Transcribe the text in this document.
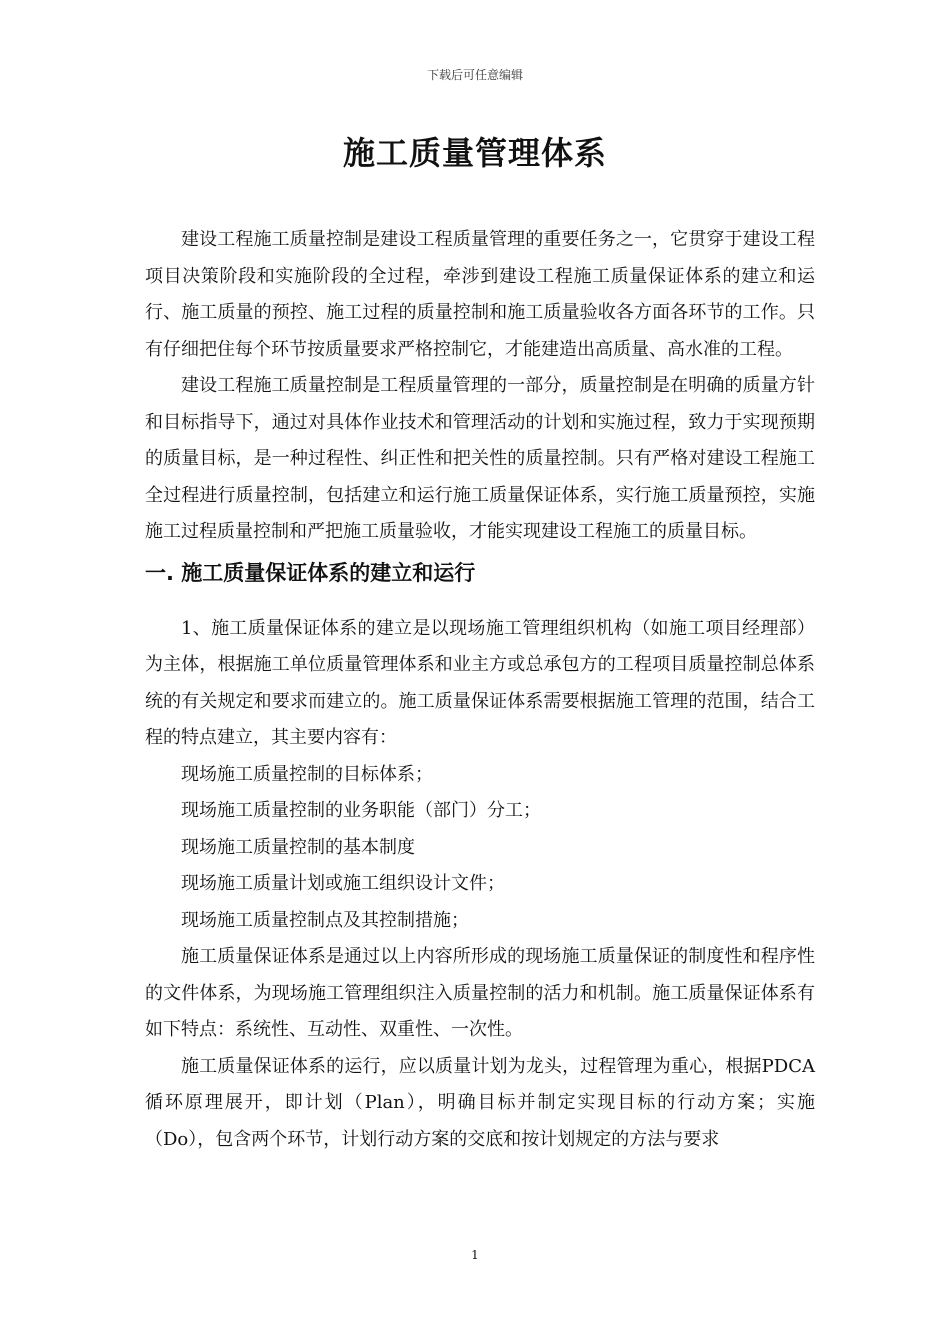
下载后可任意编辑
施工质量管理体系

建设工程施工质量控制是建设工程质量管理的重要任务之一，它贯穿于建设工程项目决策阶段和实施阶段的全过程，牵涉到建设工程施工质量保证体系的建立和运行、施工质量的预控、施工过程的质量控制和施工质量验收各方面各环节的工作。只有仔细把住每个环节按质量要求严格控制它，才能建造出高质量、高水准的工程。

建设工程施工质量控制是工程质量管理的一部分，质量控制是在明确的质量方针和目标指导下，通过对具体作业技术和管理活动的计划和实施过程，致力于实现预期的质量目标，是一种过程性、纠正性和把关性的质量控制。只有严格对建设工程施工全过程进行质量控制，包括建立和运行施工质量保证体系，实行施工质量预控，实施施工过程质量控制和严把施工质量验收，才能实现建设工程施工的质量目标。

一. 施工质量保证体系的建立和运行

1、施工质量保证体系的建立是以现场施工管理组织机构（如施工项目经理部）为主体，根据施工单位质量管理体系和业主方或总承包方的工程项目质量控制总体系统的有关规定和要求而建立的。施工质量保证体系需要根据施工管理的范围，结合工程的特点建立，其主要内容有：

现场施工质量控制的目标体系；
现场施工质量控制的业务职能（部门）分工；
现场施工质量控制的基本制度
现场施工质量计划或施工组织设计文件；
现场施工质量控制点及其控制措施；

施工质量保证体系是通过以上内容所形成的现场施工质量保证的制度性和程序性的文件体系，为现场施工管理组织注入质量控制的活力和机制。施工质量保证体系有如下特点：系统性、互动性、双重性、一次性。

施工质量保证体系的运行，应以质量计划为龙头，过程管理为重心，根据PDCA 循环原理展开，即计划（Plan），明确目标并制定实现目标的行动方案；实施（Do），包含两个环节，计划行动方案的交底和按计划规定的方法与要求

1
